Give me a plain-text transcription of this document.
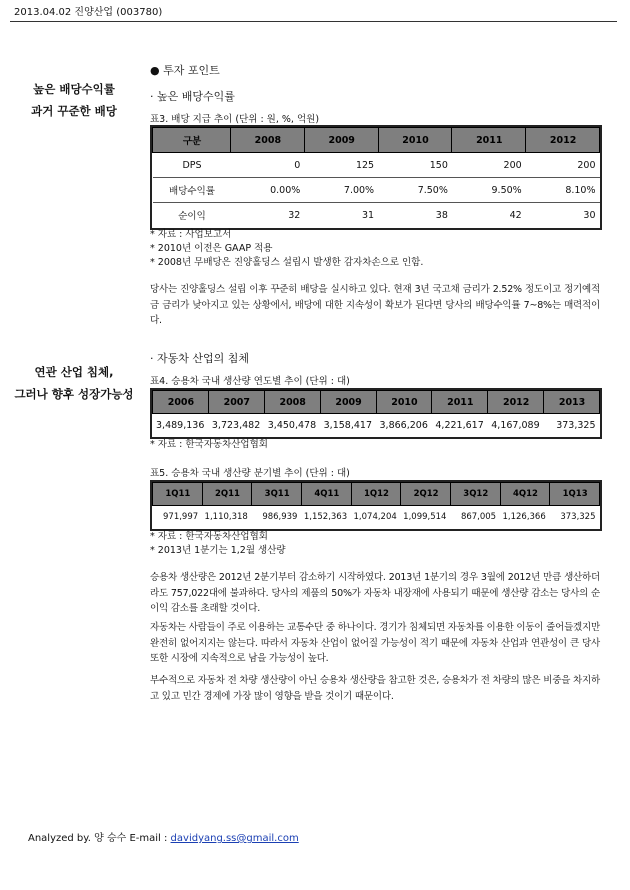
2013.04.02 진양산업 (003780)
높은 배당수익률
과거 꾸준한 배당
연관 산업 침체,
그러나 향후 성장가능성
● 투자 포인트
· 높은 배당수익률
표3. 배당 지급 추이 (단위 : 원, %, 억원)
구분	2008	2009	2010	2011	2012
DPS	0	125	150	200	200
배당수익률	0.00%	7.00%	7.50%	9.50%	8.10%
순이익	32	31	38	42	30
* 자료 : 사업보고서
* 2010년 이전은 GAAP 적용
* 2008년 무배당은 진양홀딩스 설립시 발생한 감자차손으로 인함.
당사는 진양홀딩스 설립 이후 꾸준히 배당을 실시하고 있다. 현재 3년 국고채 금리가 2.52% 정도이고 정기예적금 금리가 낮아지고 있는 상황에서, 배당에 대한 지속성이 확보가 된다면 당사의 배당수익률 7~8%는 매력적이다.
· 자동차 산업의 침체
표4. 승용차 국내 생산량 연도별 추이 (단위 : 대)
2006	2007	2008	2009	2010	2011	2012	2013
3,489,136	3,723,482	3,450,478	3,158,417	3,866,206	4,221,617	4,167,089	373,325
* 자료 : 한국자동차산업협회
표5. 승용차 국내 생산량 분기별 추이 (단위 : 대)
1Q11	2Q11	3Q11	4Q11	1Q12	2Q12	3Q12	4Q12	1Q13
971,997	1,110,318	986,939	1,152,363	1,074,204	1,099,514	867,005	1,126,366	373,325
* 자료 : 한국자동차산업협회
* 2013년 1분기는 1,2월 생산량
승용차 생산량은 2012년 2분기부터 감소하기 시작하였다. 2013년 1분기의 경우 3월에 2012년 만큼 생산하더라도 757,022대에 불과하다. 당사의 제품의 50%가 자동차 내장재에 사용되기 때문에 생산량 감소는 당사의 순이익 감소를 초래할 것이다.
자동차는 사람들이 주로 이용하는 교통수단 중 하나이다. 경기가 침체되면 자동차를 이용한 이동이 줄어들겠지만 완전히 없어지지는 않는다. 따라서 자동차 산업이 없어질 가능성이 적기 때문에 자동차 산업과 연관성이 큰 당사 또한 시장에 지속적으로 남을 가능성이 높다.
부수적으로 자동차 전 차량 생산량이 아닌 승용차 생산량을 참고한 것은, 승용차가 전 차량의 많은 비중을 차지하고 있고 민간 경제에 가장 많이 영향을 받을 것이기 때문이다.
Analyzed by. 양 승수 E-mail : davidyang.ss@gmail.com
